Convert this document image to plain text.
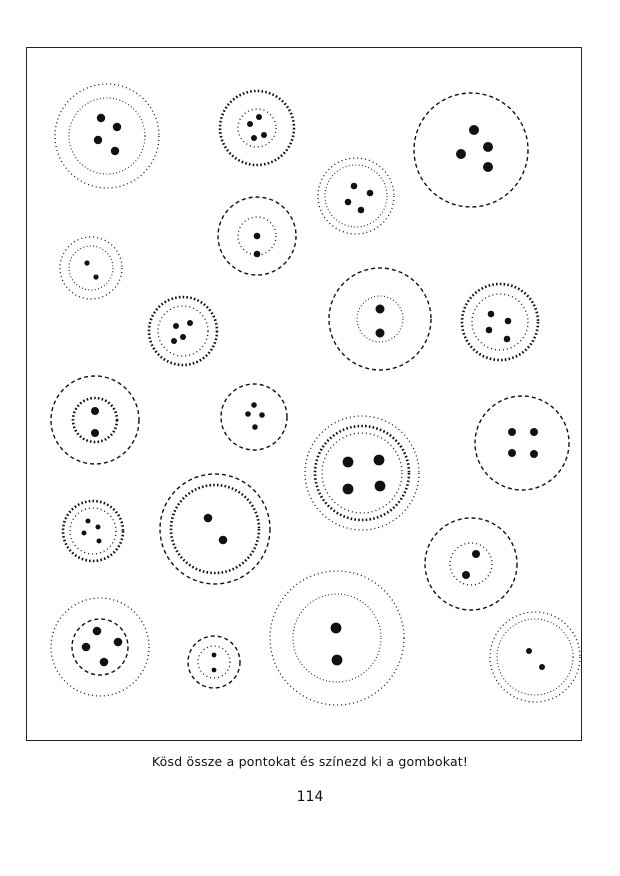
Kösd össze a pontokat és színezd ki a gombokat!
114
